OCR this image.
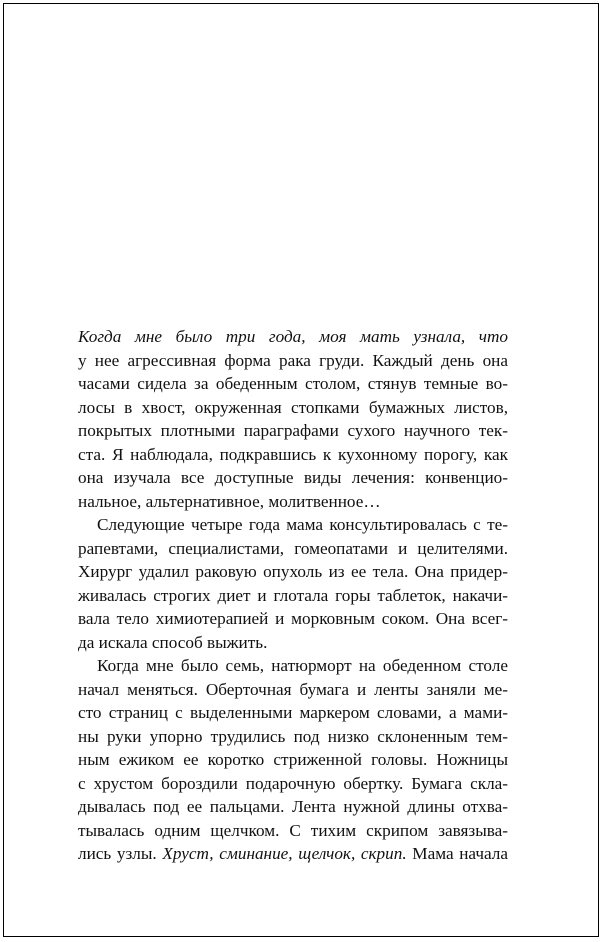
Когда мне было три года, моя мать узнала, что
у нее агрессивная форма рака груди. Каждый день она
часами сидела за обеденным столом, стянув темные во-
лосы в хвост, окруженная стопками бумажных листов,
покрытых плотными параграфами сухого научного тек-
ста. Я наблюдала, подкравшись к кухонному порогу, как
она изучала все доступные виды лечения: конвенцио-
нальное, альтернативное, молитвенное…
Следующие четыре года мама консультировалась с те-
рапевтами, специалистами, гомеопатами и целителями.
Хирург удалил раковую опухоль из ее тела. Она придер-
живалась строгих диет и глотала горы таблеток, накачи-
вала тело химиотерапией и морковным соком. Она всег-
да искала способ выжить.
Когда мне было семь, натюрморт на обеденном столе
начал меняться. Оберточная бумага и ленты заняли ме-
сто страниц с выделенными маркером словами, а мами-
ны руки упорно трудились под низко склоненным тем-
ным ежиком ее коротко стриженной головы. Ножницы
с хрустом бороздили подарочную обертку. Бумага скла-
дывалась под ее пальцами. Лента нужной длины отхва-
тывалась одним щелчком. С тихим скрипом завязыва-
лись узлы. Хруст, сминание, щелчок, скрип. Мама начала
